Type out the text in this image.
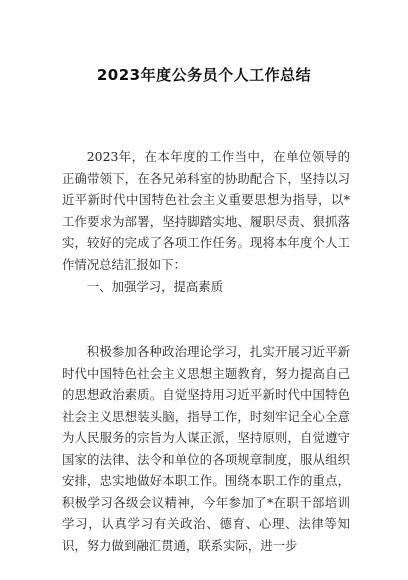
2023年度公务员个人工作总结

2023年，在本年度的工作当中，在单位领导的正确带领下，在各兄弟科室的协助配合下，坚持以习近平新时代中国特色社会主义重要思想为指导，以*工作要求为部署，坚持脚踏实地、履职尽责、狠抓落实，较好的完成了各项工作任务。现将本年度个人工作情况总结汇报如下：

一、加强学习，提高素质

积极参加各种政治理论学习，扎实开展习近平新时代中国特色社会主义思想主题教育，努力提高自己的思想政治素质。自觉坚持用习近平新时代中国特色社会主义思想装头脑，指导工作，时刻牢记全心全意为人民服务的宗旨为人谋正派，坚持原则，自觉遵守国家的法律、法令和单位的各项规章制度，服从组织安排，忠实地做好本职工作。围绕本职工作的重点，积极学习各级会议精神，今年参加了*在职干部培训学习，认真学习有关政治、德育、心理、法律等知识，努力做到融汇贯通，联系实际，进一步
